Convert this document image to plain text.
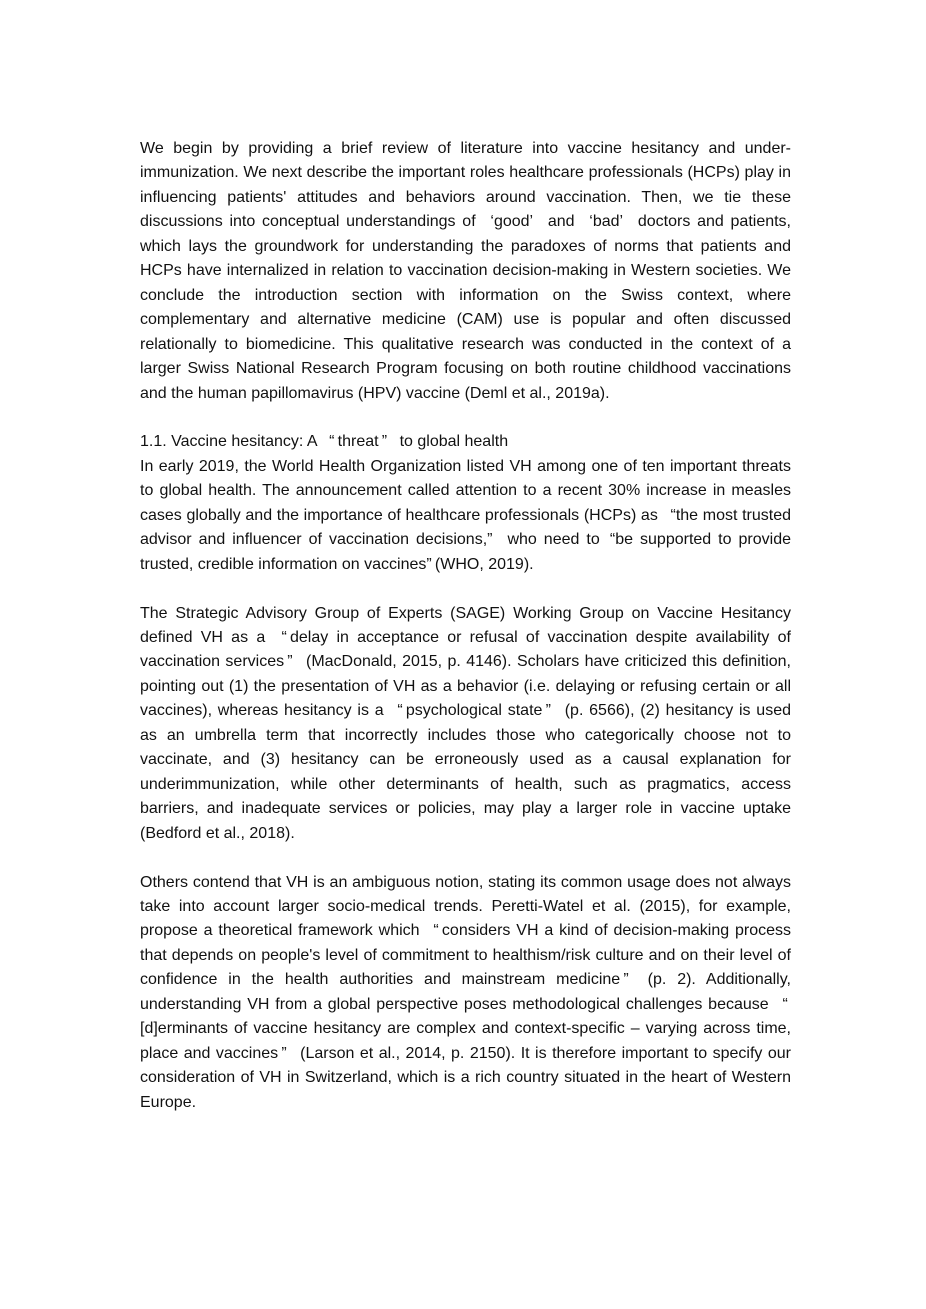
We begin by providing a brief review of literature into vaccine hesitancy and under-immunization. We next describe the important roles healthcare professionals (HCPs) play in influencing patients' attitudes and behaviors around vaccination. Then, we tie these discussions into conceptual understandings of  ‘good’  and  ‘bad’  doctors and patients, which lays the groundwork for understanding the paradoxes of norms that patients and HCPs have internalized in relation to vaccination decision-making in Western societies. We conclude the introduction section with information on the Swiss context, where complementary and alternative medicine (CAM) use is popular and often discussed relationally to biomedicine. This qualitative research was conducted in the context of a larger Swiss National Research Program focusing on both routine childhood vaccinations and the human papillomavirus (HPV) vaccine (Deml et al., 2019a).

1.1. Vaccine hesitancy: A  “ threat ”  to global health

In early 2019, the World Health Organization listed VH among one of ten important threats to global health. The announcement called attention to a recent 30% increase in measles cases globally and the importance of healthcare professionals (HCPs) as  “the most trusted advisor and influencer of vaccination decisions,”  who need to  “be supported to provide trusted, credible information on vaccines” (WHO, 2019).

The Strategic Advisory Group of Experts (SAGE) Working Group on Vaccine Hesitancy defined VH as a  “ delay in acceptance or refusal of vaccination despite availability of vaccination services ”  (MacDonald, 2015, p. 4146). Scholars have criticized this definition, pointing out (1) the presentation of VH as a behavior (i.e. delaying or refusing certain or all vaccines), whereas hesitancy is a  “ psychological state ”  (p. 6566), (2) hesitancy is used as an umbrella term that incorrectly includes those who categorically choose not to vaccinate, and (3) hesitancy can be erroneously used as a causal explanation for underimmunization, while other determinants of health, such as pragmatics, access barriers, and inadequate services or policies, may play a larger role in vaccine uptake (Bedford et al., 2018).

Others contend that VH is an ambiguous notion, stating its common usage does not always take into account larger socio-medical trends. Peretti-Watel et al. (2015), for example, propose a theoretical framework which  “ considers VH a kind of decision-making process that depends on people's level of commitment to healthism/risk culture and on their level of confidence in the health authorities and mainstream medicine ”  (p. 2). Additionally, understanding VH from a global perspective poses methodological challenges because  “ [d]erminants of vaccine hesitancy are complex and context-specific – varying across time, place and vaccines ”  (Larson et al., 2014, p. 2150). It is therefore important to specify our consideration of VH in Switzerland, which is a rich country situated in the heart of Western Europe.
